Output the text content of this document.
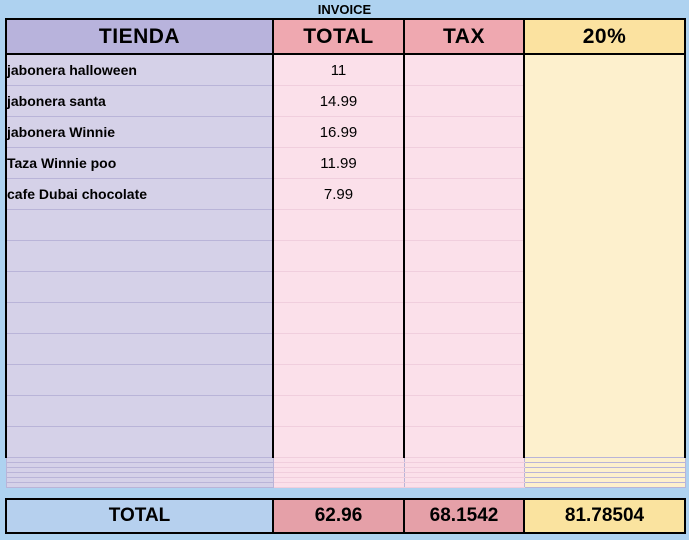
INVOICE
TIENDA	TOTAL	TAX	20%
jabonera halloween	11		
jabonera santa	14.99		
jabonera Winnie	16.99		
Taza Winnie poo	11.99		
cafe Dubai chocolate	7.99		

TOTAL	62.96	68.1542	81.78504
